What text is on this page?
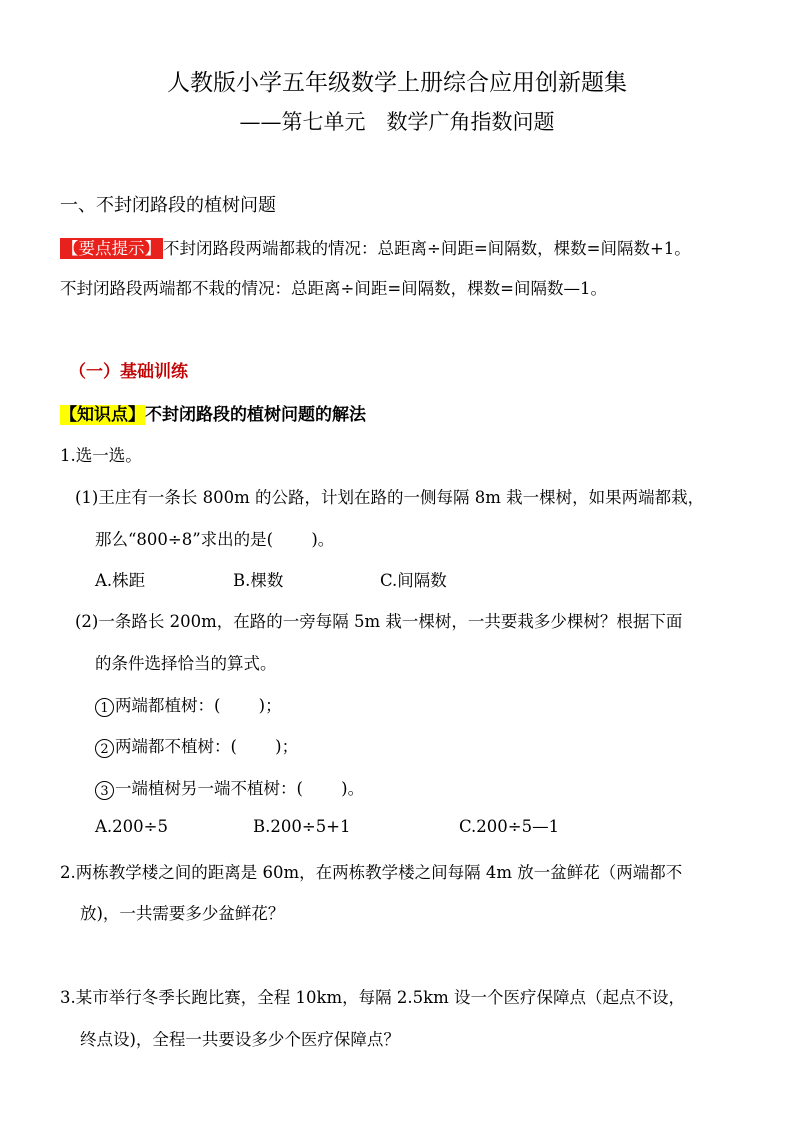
人教版小学五年级数学上册综合应用创新题集
——第七单元　数学广角指数问题
一、不封闭路段的植树问题
【要点提示】 不封闭路段两端都栽的情况：总距离÷间距=间隔数，棵数=间隔数+1。
不封闭路段两端都不栽的情况：总距离÷间距=间隔数，棵数=间隔数—1。
（一）基础训练
【知识点】不封闭路段的植树问题的解法
1.选一选。
(1)王庄有一条长 800m 的公路，计划在路的一侧每隔 8m 栽一棵树，如果两端都栽，
那么“800÷8”求出的是(　　 )。
A.株距	B.棵数	C.间隔数
(2)一条路长 200m，在路的一旁每隔 5m 栽一棵树，一共要栽多少棵树？根据下面
的条件选择恰当的算式。
1 两端都植树：(　　 )；
2 两端都不植树：(　　 )；
3 一端植树另一端不植树：(　　 )。
A.200÷5	B.200÷5+1	C.200÷5—1
2.两栋教学楼之间的距离是 60m，在两栋教学楼之间每隔 4m 放一盆鲜花（两端都不
放)，一共需要多少盆鲜花？
3.某市举行冬季长跑比赛，全程 10km，每隔 2.5km 设一个医疗保障点（起点不设，
终点设)，全程一共要设多少个医疗保障点？
